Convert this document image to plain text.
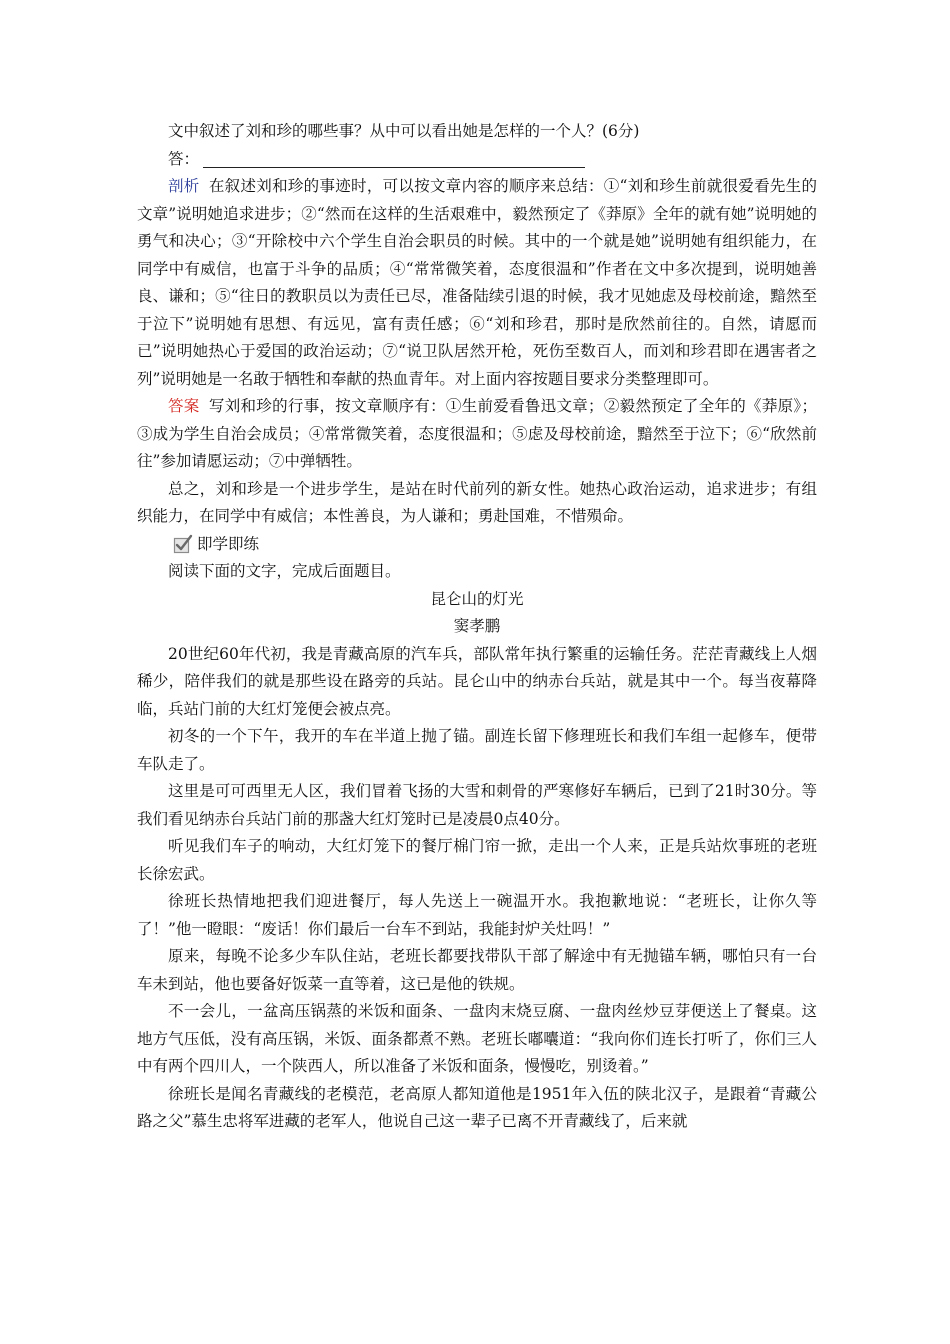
文中叙述了刘和珍的哪些事？从中可以看出她是怎样的一个人？(6分)

答：

剖析 在叙述刘和珍的事迹时，可以按文章内容的顺序来总结：①“刘和珍生前就很爱看先生的文章”说明她追求进步；②“然而在这样的生活艰难中，毅然预定了《莽原》全年的就有她”说明她的勇气和决心；③“开除校中六个学生自治会职员的时候。其中的一个就是她”说明她有组织能力，在同学中有威信，也富于斗争的品质；④“常常微笑着，态度很温和”作者在文中多次提到，说明她善良、谦和；⑤“往日的教职员以为责任已尽，准备陆续引退的时候，我才见她虑及母校前途，黯然至于泣下”说明她有思想、有远见，富有责任感；⑥“刘和珍君，那时是欣然前往的。自然，请愿而已”说明她热心于爱国的政治运动；⑦“说卫队居然开枪，死伤至数百人，而刘和珍君即在遇害者之列”说明她是一名敢于牺牲和奉献的热血青年。对上面内容按题目要求分类整理即可。

答案 写刘和珍的行事，按文章顺序有：①生前爱看鲁迅文章；②毅然预定了全年的《莽原》；③成为学生自治会成员；④常常微笑着，态度很温和；⑤虑及母校前途，黯然至于泣下；⑥“欣然前往”参加请愿运动；⑦中弹牺牲。

总之，刘和珍是一个进步学生，是站在时代前列的新女性。她热心政治运动，追求进步；有组织能力，在同学中有威信；本性善良，为人谦和；勇赴国难，不惜殒命。

即学即练

阅读下面的文字，完成后面题目。

昆仑山的灯光

窦孝鹏

20世纪60年代初，我是青藏高原的汽车兵，部队常年执行繁重的运输任务。茫茫青藏线上人烟稀少，陪伴我们的就是那些设在路旁的兵站。昆仑山中的纳赤台兵站，就是其中一个。每当夜幕降临，兵站门前的大红灯笼便会被点亮。

初冬的一个下午，我开的车在半道上抛了锚。副连长留下修理班长和我们车组一起修车，便带车队走了。

这里是可可西里无人区，我们冒着飞扬的大雪和刺骨的严寒修好车辆后，已到了21时30分。等我们看见纳赤台兵站门前的那盏大红灯笼时已是凌晨0点40分。

听见我们车子的响动，大红灯笼下的餐厅棉门帘一掀，走出一个人来，正是兵站炊事班的老班长徐宏武。

徐班长热情地把我们迎进餐厅，每人先送上一碗温开水。我抱歉地说：“老班长，让你久等了！”他一瞪眼：“废话！你们最后一台车不到站，我能封炉关灶吗！”

原来，每晚不论多少车队住站，老班长都要找带队干部了解途中有无抛锚车辆，哪怕只有一台车未到站，他也要备好饭菜一直等着，这已是他的铁规。

不一会儿，一盆高压锅蒸的米饭和面条、一盘肉末烧豆腐、一盘肉丝炒豆芽便送上了餐桌。这地方气压低，没有高压锅，米饭、面条都煮不熟。老班长嘟囔道：“我向你们连长打听了，你们三人中有两个四川人，一个陕西人，所以准备了米饭和面条，慢慢吃，别烫着。”

徐班长是闻名青藏线的老模范，老高原人都知道他是1951年入伍的陕北汉子，是跟着“青藏公路之父”慕生忠将军进藏的老军人，他说自己这一辈子已离不开青藏线了，后来就
